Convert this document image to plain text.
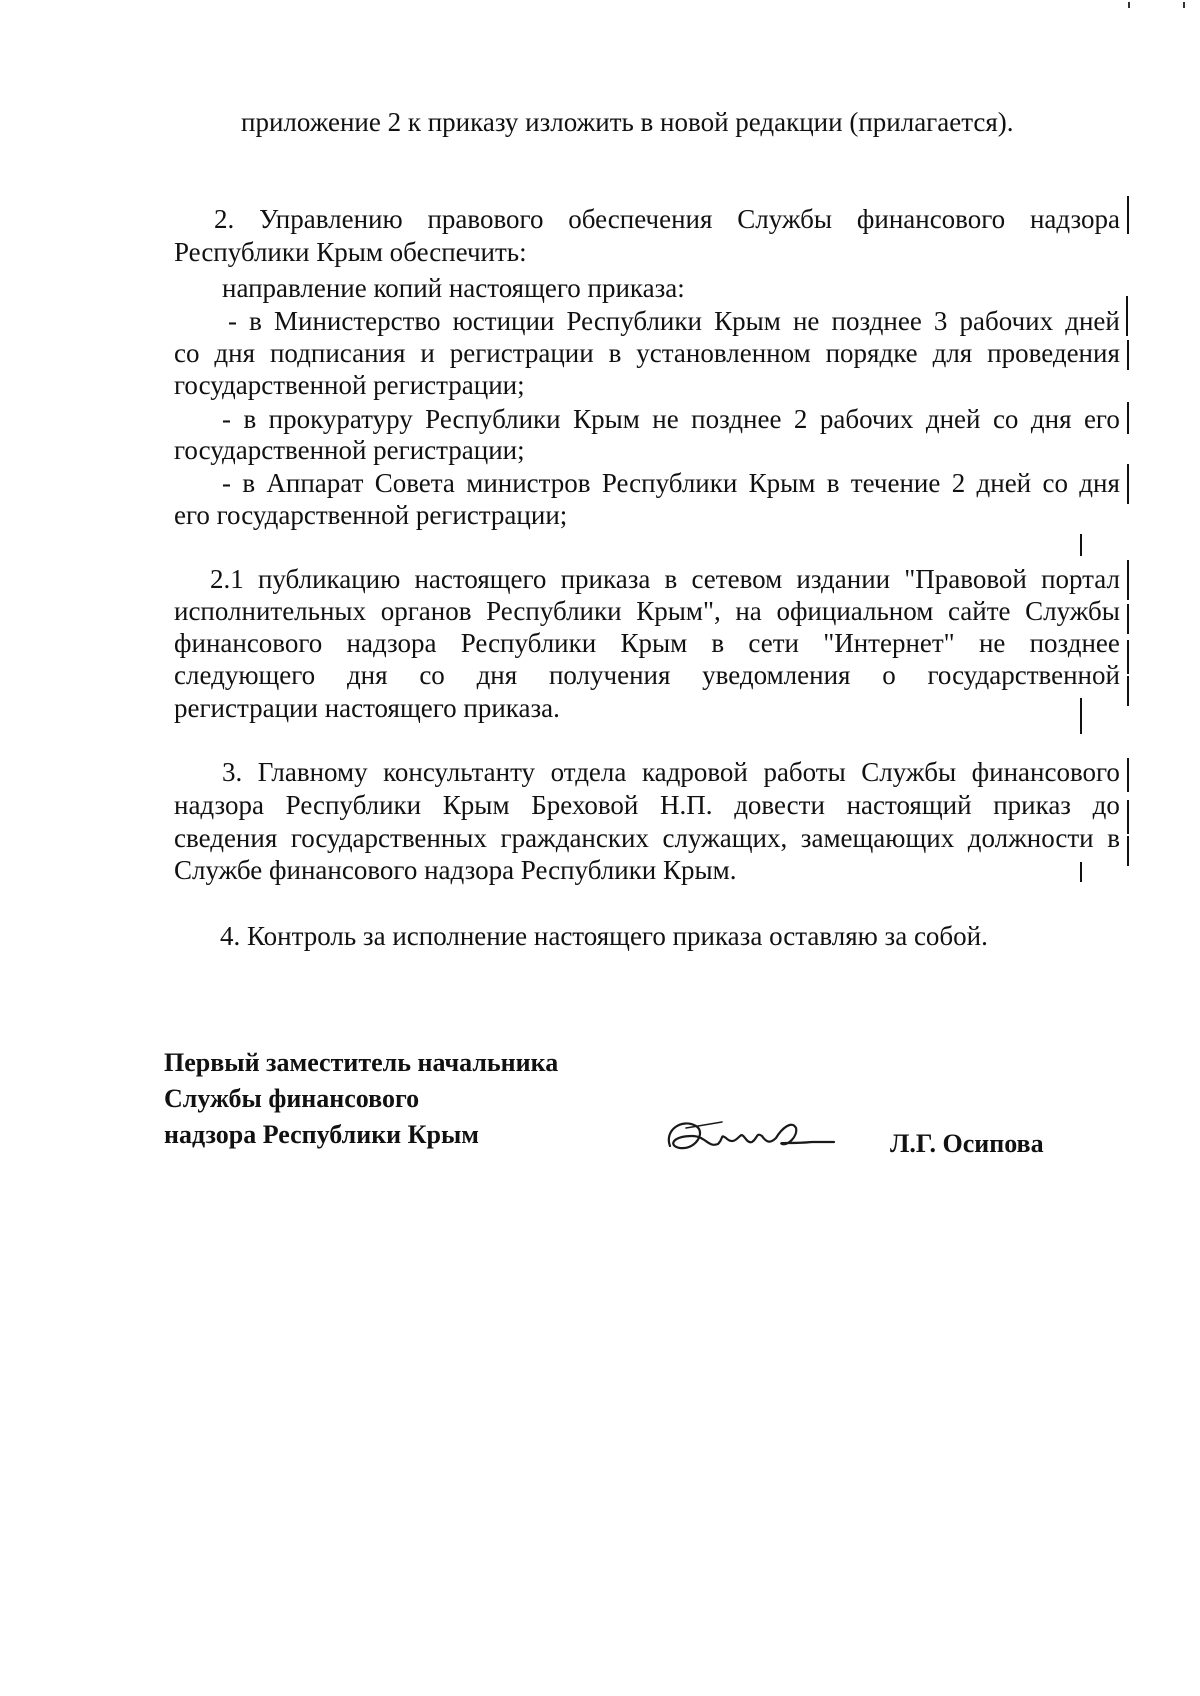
приложение 2 к приказу изложить в новой редакции (прилагается).
2. Управлению правового обеспечения Службы финансового надзора
Республики Крым обеспечить:
направление копий настоящего приказа:
- в Министерство юстиции Республики Крым не позднее 3 рабочих дней
со дня подписания и регистрации в установленном порядке для проведения
государственной регистрации;
- в прокуратуру Республики Крым не позднее 2 рабочих дней со дня его
государственной регистрации;
- в Аппарат Совета министров Республики Крым в течение 2 дней со дня
его государственной регистрации;
2.1 публикацию настоящего приказа в сетевом издании "Правовой портал
исполнительных органов Республики Крым", на официальном сайте Службы
финансового надзора Республики Крым в сети "Интернет" не позднее
следующего дня со дня получения уведомления о государственной
регистрации настоящего приказа.
3. Главному консультанту отдела кадровой работы Службы финансового
надзора Республики Крым Бреховой Н.П. довести настоящий приказ до
сведения государственных гражданских служащих, замещающих должности в
Службе финансового надзора Республики Крым.
4. Контроль за исполнение настоящего приказа оставляю за собой.
Первый заместитель начальника
Службы финансового
надзора Республики Крым	Л.Г. Осипова
